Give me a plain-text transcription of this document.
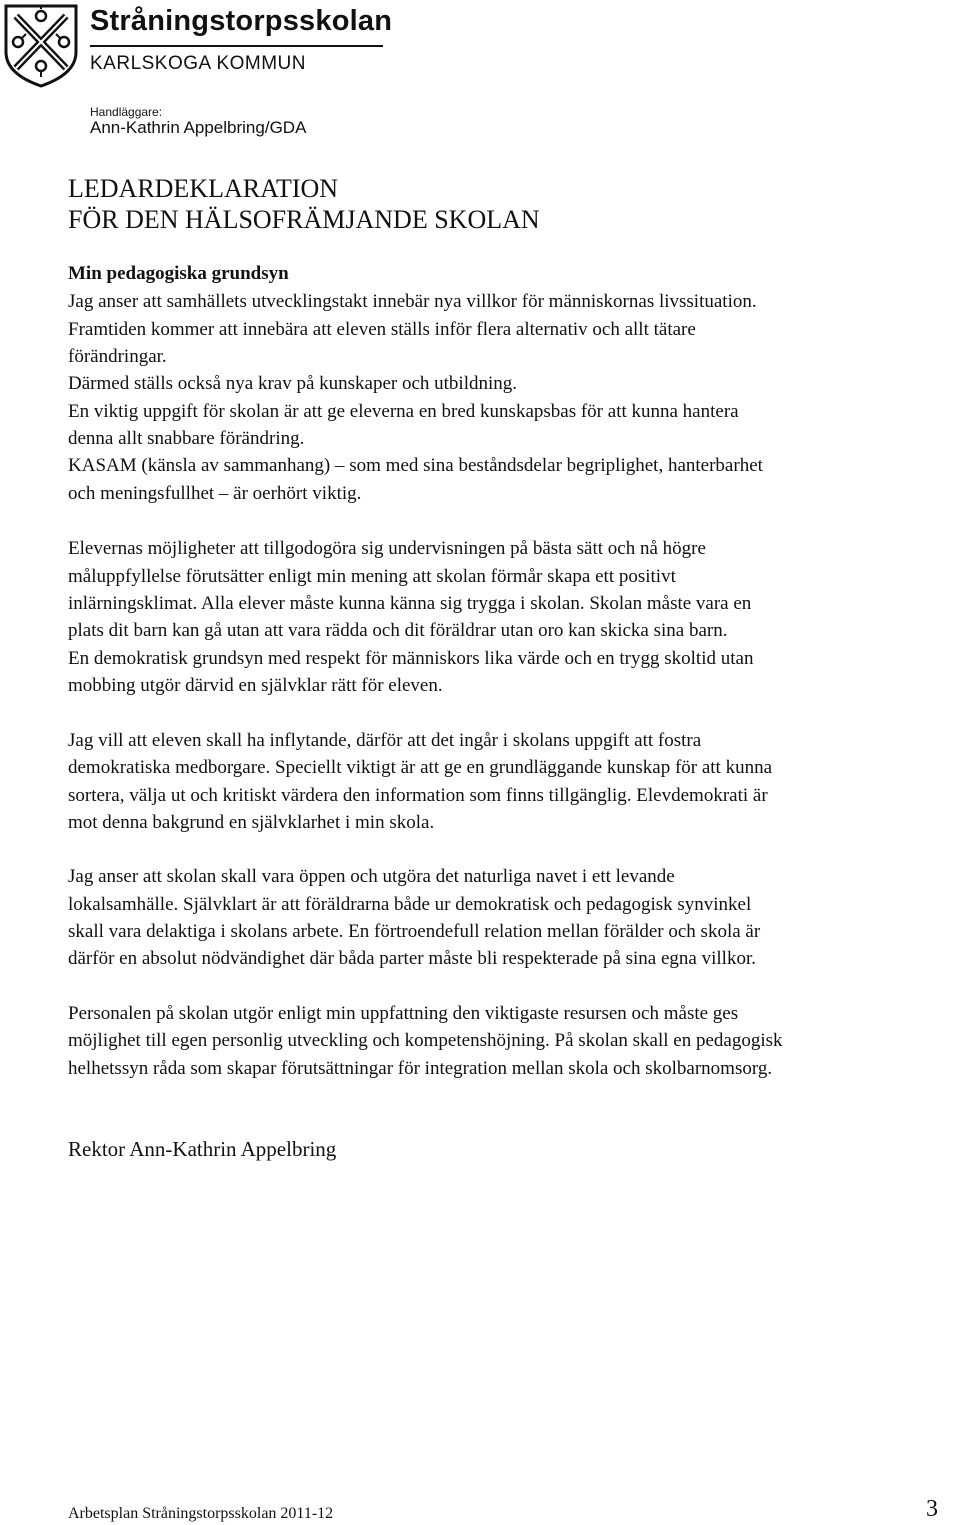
Stråningstorpsskolan
KARLSKOGA KOMMUN
Handläggare:
Ann-Kathrin Appelbring/GDA
LEDARDEKLARATION
FÖR DEN HÄLSOFRÄMJANDE SKOLAN
Min pedagogiska grundsyn
Jag anser att samhällets utvecklingstakt innebär nya villkor för människornas livssituation.
Framtiden kommer att innebära att eleven ställs inför flera alternativ och allt tätare
förändringar.
Därmed ställs också nya krav på kunskaper och utbildning.
En viktig uppgift för skolan är att ge eleverna en bred kunskapsbas för att kunna hantera
denna allt snabbare förändring.
KASAM (känsla av sammanhang) – som med sina beståndsdelar begriplighet, hanterbarhet
och meningsfullhet – är oerhört viktig.
Elevernas möjligheter att tillgodogöra sig undervisningen på bästa sätt och nå högre
måluppfyllelse förutsätter enligt min mening att skolan förmår skapa ett positivt
inlärningsklimat. Alla elever måste kunna känna sig trygga i skolan. Skolan måste vara en
plats dit barn kan gå utan att vara rädda och dit föräldrar utan oro kan skicka sina barn.
En demokratisk grundsyn med respekt för människors lika värde och en trygg skoltid utan
mobbing utgör därvid en självklar rätt för eleven.
Jag vill att eleven skall ha inflytande, därför att det ingår i skolans uppgift att fostra
demokratiska medborgare. Speciellt viktigt är att ge en grundläggande kunskap för att kunna
sortera, välja ut och kritiskt värdera den information som finns tillgänglig. Elevdemokrati är
mot denna bakgrund en självklarhet i min skola.
Jag anser att skolan skall vara öppen och utgöra det naturliga navet i ett levande
lokalsamhälle. Självklart är att föräldrarna både ur demokratisk och pedagogisk synvinkel
skall vara delaktiga i skolans arbete. En förtroendefull relation mellan förälder och skola är
därför en absolut nödvändighet där båda parter måste bli respekterade på sina egna villkor.
Personalen på skolan utgör enligt min uppfattning den viktigaste resursen och måste ges
möjlighet till egen personlig utveckling och kompetenshöjning. På skolan skall en pedagogisk
helhetssyn råda som skapar förutsättningar för integration mellan skola och skolbarnomsorg.
Rektor Ann-Kathrin Appelbring
Arbetsplan Stråningstorpsskolan 2011-12	3
